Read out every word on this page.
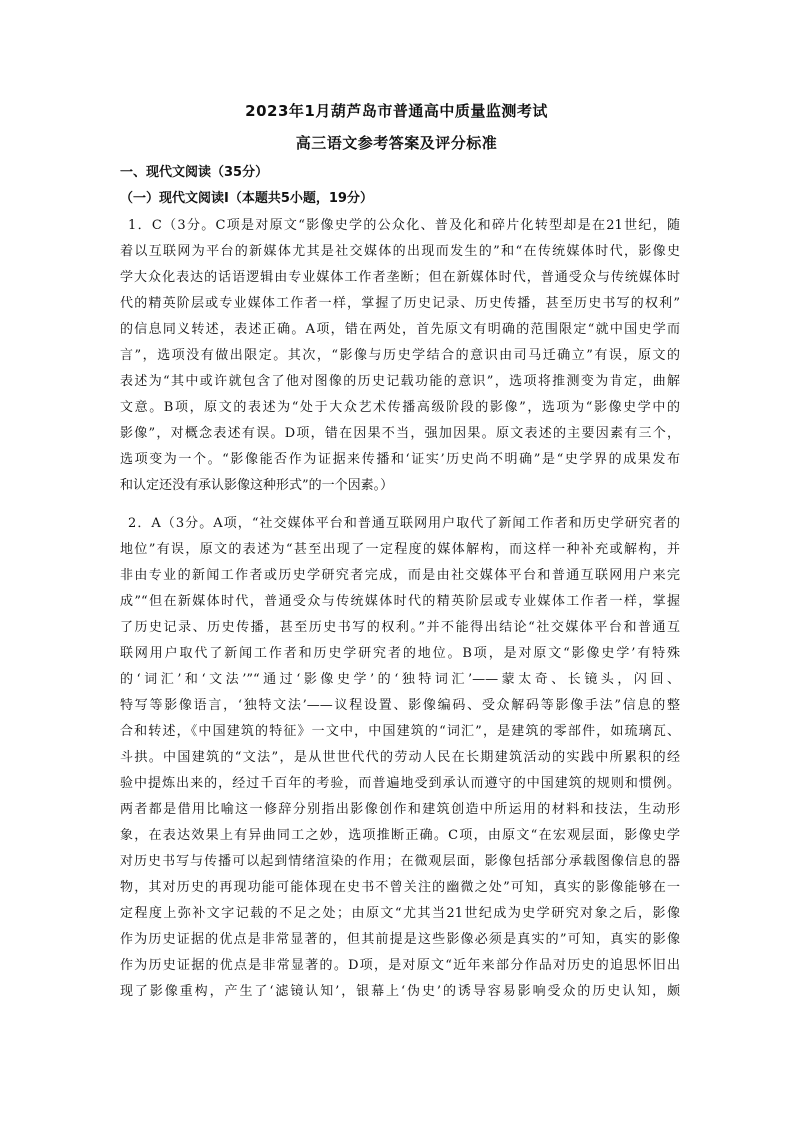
2023年1月葫芦岛市普通高中质量监测考试
高三语文参考答案及评分标准
一、现代文阅读（35分）
（一）现代文阅读Ⅰ（本题共5小题，19分）
1．C（3分。C项是对原文“影像史学的公众化、普及化和碎片化转型却是在21世纪，随
着以互联网为平台的新媒体尤其是社交媒体的出现而发生的”和“在传统媒体时代，影像史
学大众化表达的话语逻辑由专业媒体工作者垄断；但在新媒体时代，普通受众与传统媒体时
代的精英阶层或专业媒体工作者一样，掌握了历史记录、历史传播，甚至历史书写的权利”
的信息同义转述，表述正确。A项，错在两处，首先原文有明确的范围限定“就中国史学而
言”，选项没有做出限定。其次，“影像与历史学结合的意识由司马迁确立”有误，原文的
表述为“其中或许就包含了他对图像的历史记载功能的意识”，选项将推测变为肯定，曲解
文意。B项，原文的表述为“处于大众艺术传播高级阶段的影像”，选项为“影像史学中的
影像”，对概念表述有误。D项，错在因果不当，强加因果。原文表述的主要因素有三个，
选项变为一个。“影像能否作为证据来传播和‘证实’历史尚不明确”是“史学界的成果发布
和认定还没有承认影像这种形式”的一个因素。）
2．A（3分。A项，“社交媒体平台和普通互联网用户取代了新闻工作者和历史学研究者的
地位”有误，原文的表述为“甚至出现了一定程度的媒体解构，而这样一种补充或解构，并
非由专业的新闻工作者或历史学研究者完成，而是由社交媒体平台和普通互联网用户来完
成”“但在新媒体时代，普通受众与传统媒体时代的精英阶层或专业媒体工作者一样，掌握
了历史记录、历史传播，甚至历史书写的权利。”并不能得出结论“社交媒体平台和普通互
联网用户取代了新闻工作者和历史学研究者的地位。B项，是对原文“影像史学’有特殊
的‘词汇’和‘文法’”“通过‘影像史学’的‘独特词汇’——蒙太奇、长镜头，闪回、
特写等影像语言，‘独特文法’——议程设置、影像编码、受众解码等影像手法”信息的整
合和转述，《中国建筑的特征》一文中，中国建筑的“词汇”，是建筑的零部件，如琉璃瓦、
斗拱。中国建筑的“文法”，是从世世代代的劳动人民在长期建筑活动的实践中所累积的经
验中提炼出来的，经过千百年的考验，而普遍地受到承认而遵守的中国建筑的规则和惯例。
两者都是借用比喻这一修辞分别指出影像创作和建筑创造中所运用的材料和技法，生动形
象，在表达效果上有异曲同工之妙，选项推断正确。C项，由原文“在宏观层面，影像史学
对历史书写与传播可以起到情绪渲染的作用；在微观层面，影像包括部分承载图像信息的器
物，其对历史的再现功能可能体现在史书不曾关注的幽微之处”可知，真实的影像能够在一
定程度上弥补文字记载的不足之处；由原文“尤其当21世纪成为史学研究对象之后，影像
作为历史证据的优点是非常显著的，但其前提是这些影像必须是真实的”可知，真实的影像
作为历史证据的优点是非常显著的。D项，是对原文“近年来部分作品对历史的追思怀旧出
现了影像重构，产生了‘滤镜认知’，银幕上‘伪史’的诱导容易影响受众的历史认知，颇
